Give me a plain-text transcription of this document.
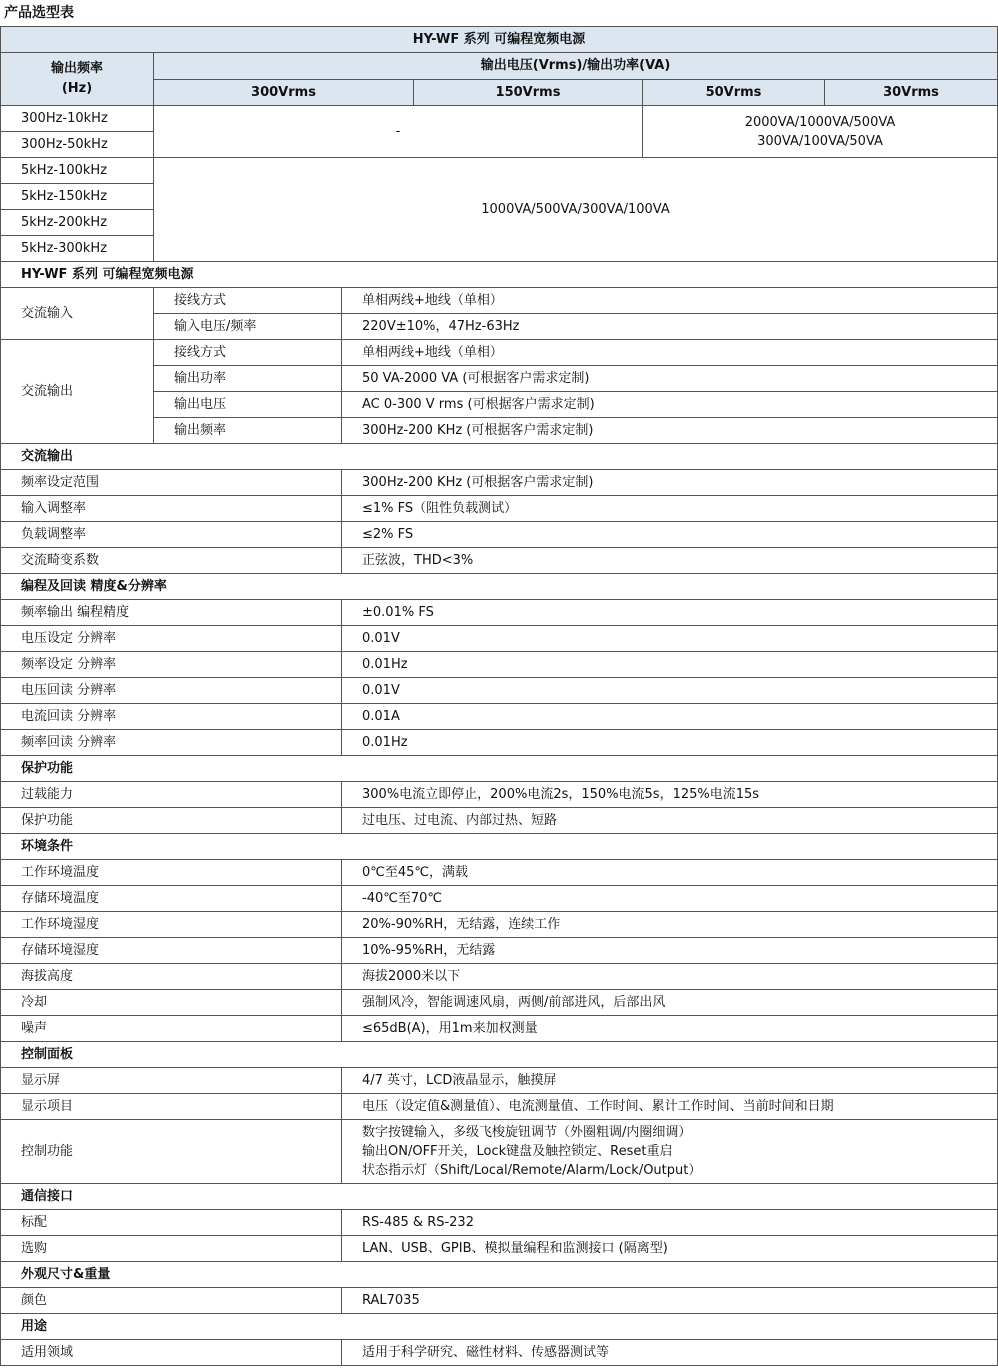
产品选型表
HY-WF 系列 可编程宽频电源				
输出频率
(Hz)	输出电压(Vrms)/输出功率(VA)			
	300Vrms	150Vrms	50Vrms	30Vrms
300Hz-10kHz	-		2000VA/1000VA/500VA
300VA/100VA/50VA	
300Hz-50kHz				
5kHz-100kHz	1000VA/500VA/300VA/100VA			
5kHz-150kHz				
5kHz-200kHz				
5kHz-300kHz				
HY-WF 系列 可编程宽频电源		
交流输入	接线方式	单相两线+地线（单相）
	输入电压/频率	220V±10%，47Hz-63Hz
交流输出	接线方式	单相两线+地线（单相）
	输出功率	50 VA-2000 VA (可根据客户需求定制)
	输出电压	AC 0-300 V rms (可根据客户需求定制)
	输出频率	300Hz-200 KHz (可根据客户需求定制)
交流输出		
频率设定范围		300Hz-200 KHz (可根据客户需求定制)
输入调整率		≤1% FS（阻性负载测试）
负载调整率		≤2% FS
交流畸变系数		正弦波，THD<3%
编程及回读 精度&分辨率		
频率输出 编程精度		±0.01% FS
电压设定 分辨率		0.01V
频率设定 分辨率		0.01Hz
电压回读 分辨率		0.01V
电流回读 分辨率		0.01A
频率回读 分辨率		0.01Hz
保护功能		
过载能力		300%电流立即停止，200%电流2s，150%电流5s，125%电流15s
保护功能		过电压、过电流、内部过热、短路
环境条件		
工作环境温度		0℃至45℃，满载
存储环境温度		-40℃至70℃
工作环境湿度		20%-90%RH，无结露，连续工作
存储环境湿度		10%-95%RH，无结露
海拔高度		海拔2000米以下
冷却		强制风冷，智能调速风扇，两侧/前部进风，后部出风
噪声		≤65dB(A)，用1m来加权测量
控制面板		
显示屏		4/7 英寸，LCD液晶显示，触摸屏
显示项目		电压（设定值&测量值）、电流测量值、工作时间、累计工作时间、当前时间和日期
控制功能		数字按键输入，多级飞梭旋钮调节（外圈粗调/内圈细调）
输出ON/OFF开关，Lock键盘及触控锁定、Reset重启
状态指示灯（Shift/Local/Remote/Alarm/Lock/Output）
通信接口		
标配		RS-485 & RS-232
选购		LAN、USB、GPIB、模拟量编程和监测接口 (隔离型)
外观尺寸&重量		
颜色		RAL7035
用途		
适用领域		适用于科学研究、磁性材料、传感器测试等
